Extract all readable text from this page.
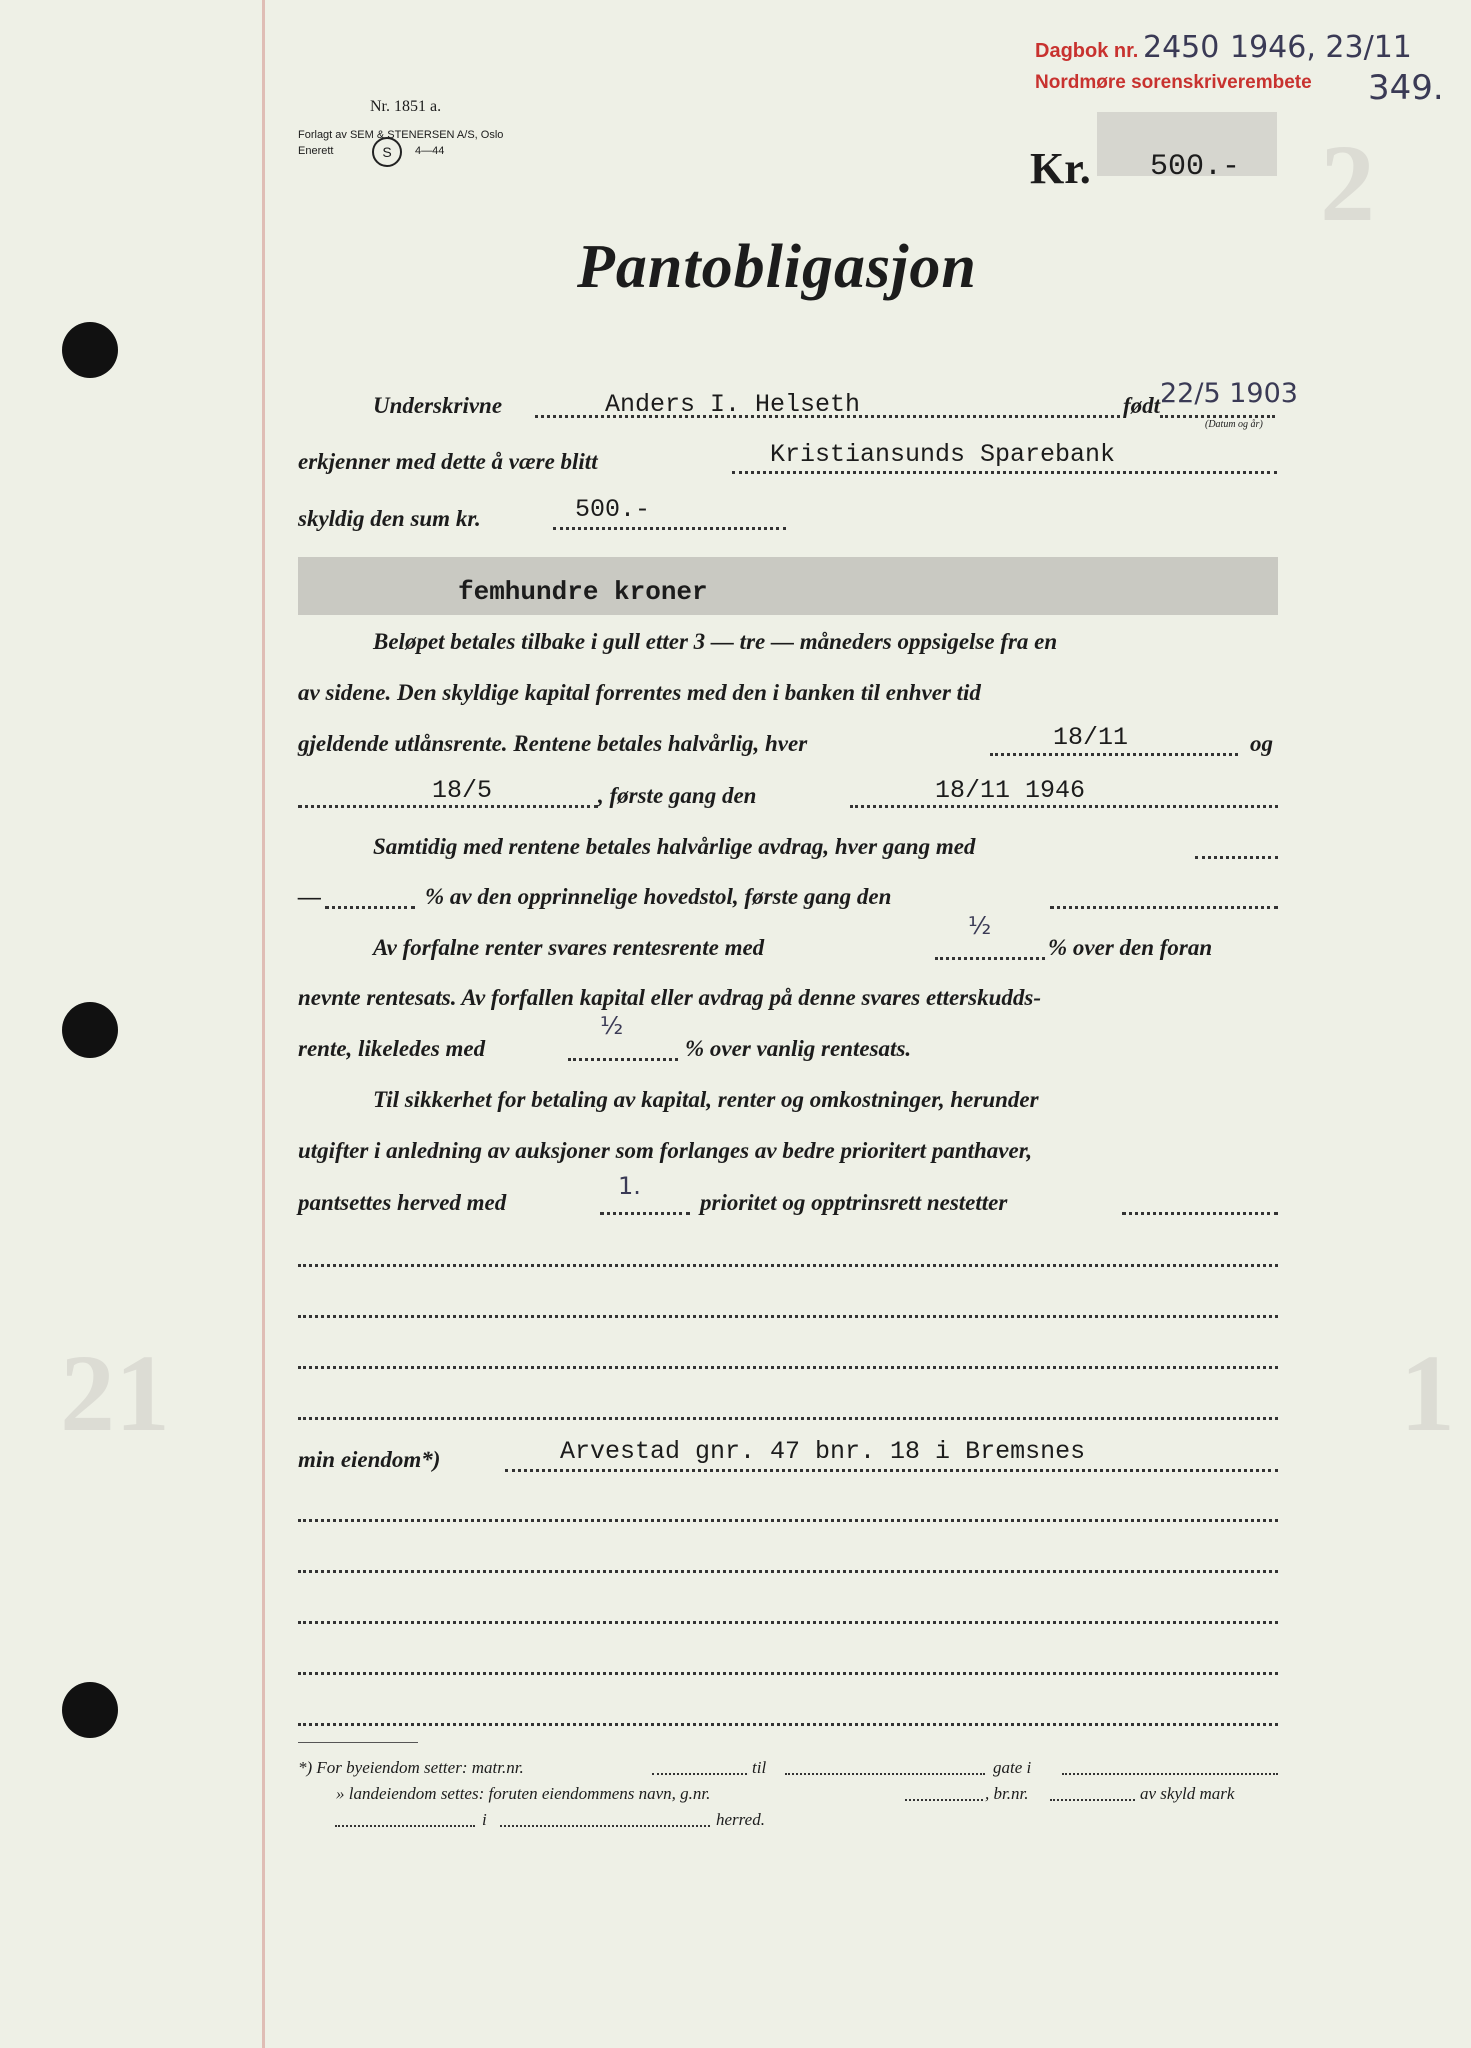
2
21	1
Dagbok nr. 2450 1946, 23/11
Nordmøre sorenskriverembete 349.
Nr. 1851 a.
Forlagt av SEM & STENERSEN A/S, Oslo
Enerett	S	4—44	Kr. 500.-
Pantobligasjon
Underskrivne	Anders I. Helseth	født 22/5 1903
(Datum og år)
erkjenner med dette å være blitt	Kristiansunds Sparebank
skyldig den sum kr.	500.-
femhundre kroner
Beløpet betales tilbake i gull etter 3 — tre — måneders oppsigelse fra en
av sidene. Den skyldige kapital forrentes med den i banken til enhver tid
gjeldende utlånsrente. Rentene betales halvårlig, hver	18/11	og
18/5	, første gang den	18/11 1946
Samtidig med rentene betales halvårlige avdrag, hver gang med
—	% av den opprinnelige hovedstol, første gang den
Av forfalne renter svares rentesrente med
½
% over den foran
nevnte rentesats. Av forfallen kapital eller avdrag på denne svares etterskudds-
rente, likeledes med
½
% over vanlig rentesats.
Til sikkerhet for betaling av kapital, renter og omkostninger, herunder
utgifter i anledning av auksjoner som forlanges av bedre prioritert panthaver,
pantsettes herved med
1.
prioritet og opptrinsrett nestetter
min eiendom*)	Arvestad gnr. 47 bnr. 18 i Bremsnes
*) For byeiendom setter: matr.nr.	til	gate i
» landeiendom settes: foruten eiendommens navn, g.nr.	, br.nr.	av skyld mark
i	herred.
